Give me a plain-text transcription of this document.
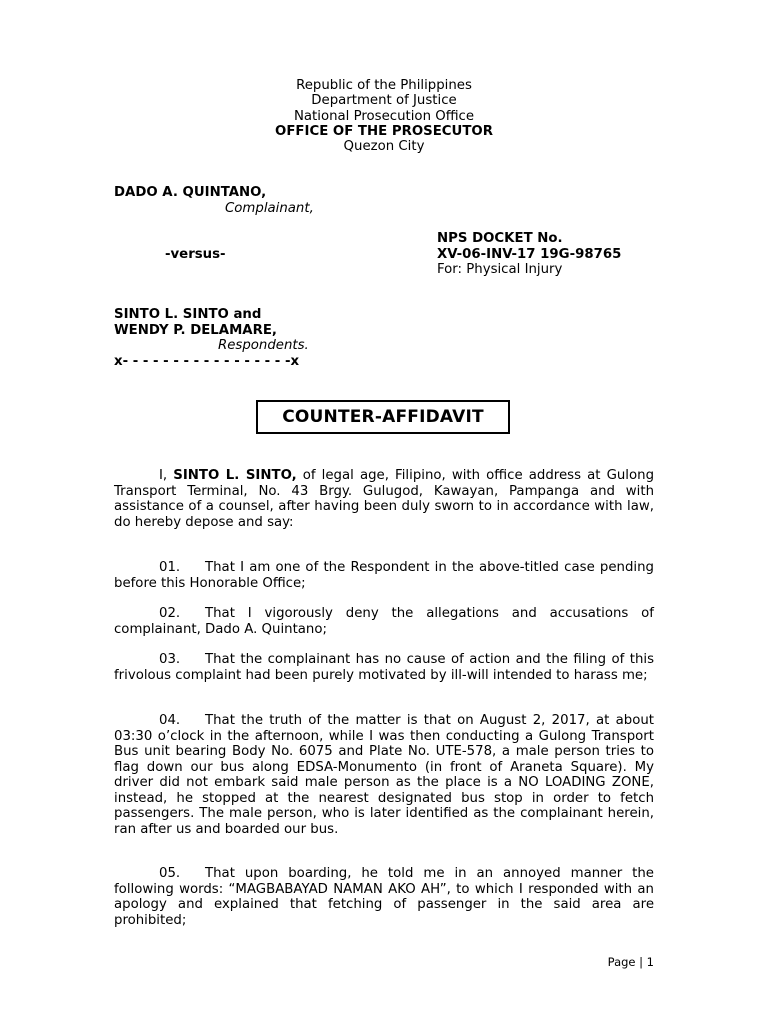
Republic of the Philippines
Department of Justice
National Prosecution Office
OFFICE OF THE PROSECUTOR
Quezon City
DADO A. QUINTANO,
Complainant,
NPS DOCKET No.
-versus-	XV-06-INV-17 19G-98765
For: Physical Injury
SINTO L. SINTO and
WENDY P. DELAMARE,
Respondents.
x- - - - - - - - - - - - - - - - -x
COUNTER-AFFIDAVIT
I, SINTO L. SINTO, of legal age, Filipino, with office address at Gulong Transport Terminal, No. 43 Brgy. Gulugod, Kawayan, Pampanga and with assistance of a counsel, after having been duly sworn to in accordance with law, do hereby depose and say:
01. That I am one of the Respondent in the above-titled case pending before this Honorable Office;
02. That I vigorously deny the allegations and accusations of complainant, Dado A. Quintano;
03. That the complainant has no cause of action and the filing of this frivolous complaint had been purely motivated by ill-will intended to harass me;
04. That the truth of the matter is that on August 2, 2017, at about 03:30 o’clock in the afternoon, while I was then conducting a Gulong Transport Bus unit bearing Body No. 6075 and Plate No. UTE-578, a male person tries to flag down our bus along EDSA-Monumento (in front of Araneta Square). My driver did not embark said male person as the place is a NO LOADING ZONE, instead, he stopped at the nearest designated bus stop in order to fetch passengers. The male person, who is later identified as the complainant herein, ran after us and boarded our bus.
05. That upon boarding, he told me in an annoyed manner the following words: “MAGBABAYAD NAMAN AKO AH”, to which I responded with an apology and explained that fetching of passenger in the said area are prohibited;
Page | 1
